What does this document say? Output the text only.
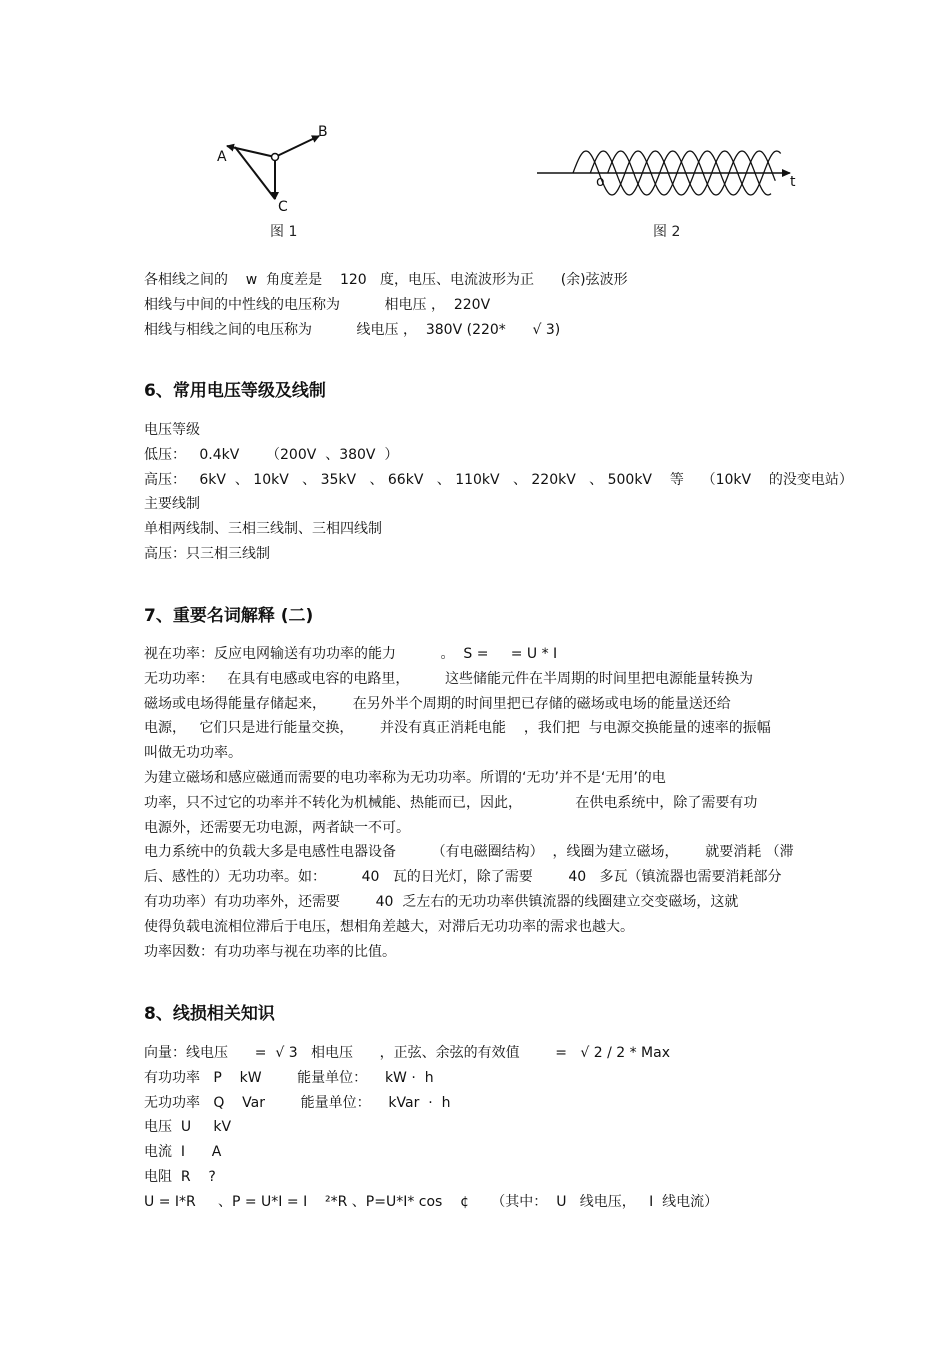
A
B
C
图 1
o	t
图 2

各相线之间的    w  角度差是    120   度，电压、电流波形为正      (余)弦波形

相线与中间的中性线的电压称为          相电压 ，  220V

相线与相线之间的电压称为          线电压 ，  380V (220*      √ 3)

6、常用电压等级及线制

电压等级

低压：   0.4kV      （200V  、380V  ）

高压：   6kV  、 10kV   、 35kV   、 66kV   、 110kV   、 220kV   、 500kV    等    （10kV    的没变电站）

主要线制

单相两线制、三相三线制、三相四线制

高压：只三相三线制

7、重要名词解释 (二)

视在功率：反应电网输送有功功率的能力          。  S =     = U * I

无功功率：   在具有电感或电容的电路里，        这些储能元件在半周期的时间里把电源能量转换为

磁场或电场得能量存储起来，      在另外半个周期的时间里把已存储的磁场或电场的能量送还给

电源，   它们只是进行能量交换，      并没有真正消耗电能    ，我们把  与电源交换能量的速率的振幅

叫做无功功率。

为建立磁场和感应磁通而需要的电功率称为无功功率。所谓的‘无功’并不是‘无用’的电

功率，只不过它的功率并不转化为机械能、热能而已，因此，            在供电系统中，除了需要有功

电源外，还需要无功电源，两者缺一不可。

电力系统中的负载大多是电感性电器设备        （有电磁圈结构）  ，线圈为建立磁场，      就要消耗 （滞

后、感性的）无功功率。如：        40   瓦的日光灯，除了需要        40   多瓦（镇流器也需要消耗部分

有功功率）有功功率外，还需要        40  乏左右的无功功率供镇流器的线圈建立交变磁场，这就

使得负载电流相位滞后于电压，想相角差越大，对滞后无功功率的需求也越大。

功率因数：有功功率与视在功率的比值。

8、线损相关知识

向量：线电压      =  √ 3   相电压      ，正弦、余弦的有效值        =   √ 2 / 2 * Max

有功功率   P    kW        能量单位：    kW ·  h

无功功率   Q    Var        能量单位：    kVar  ·  h

电压  U     kV

电流  I      A

电阻  R    ?

U = I*R     、P = U*I = I    ²*R 、P=U*I* cos    ¢     （其中：  U   线电压，   I  线电流）
